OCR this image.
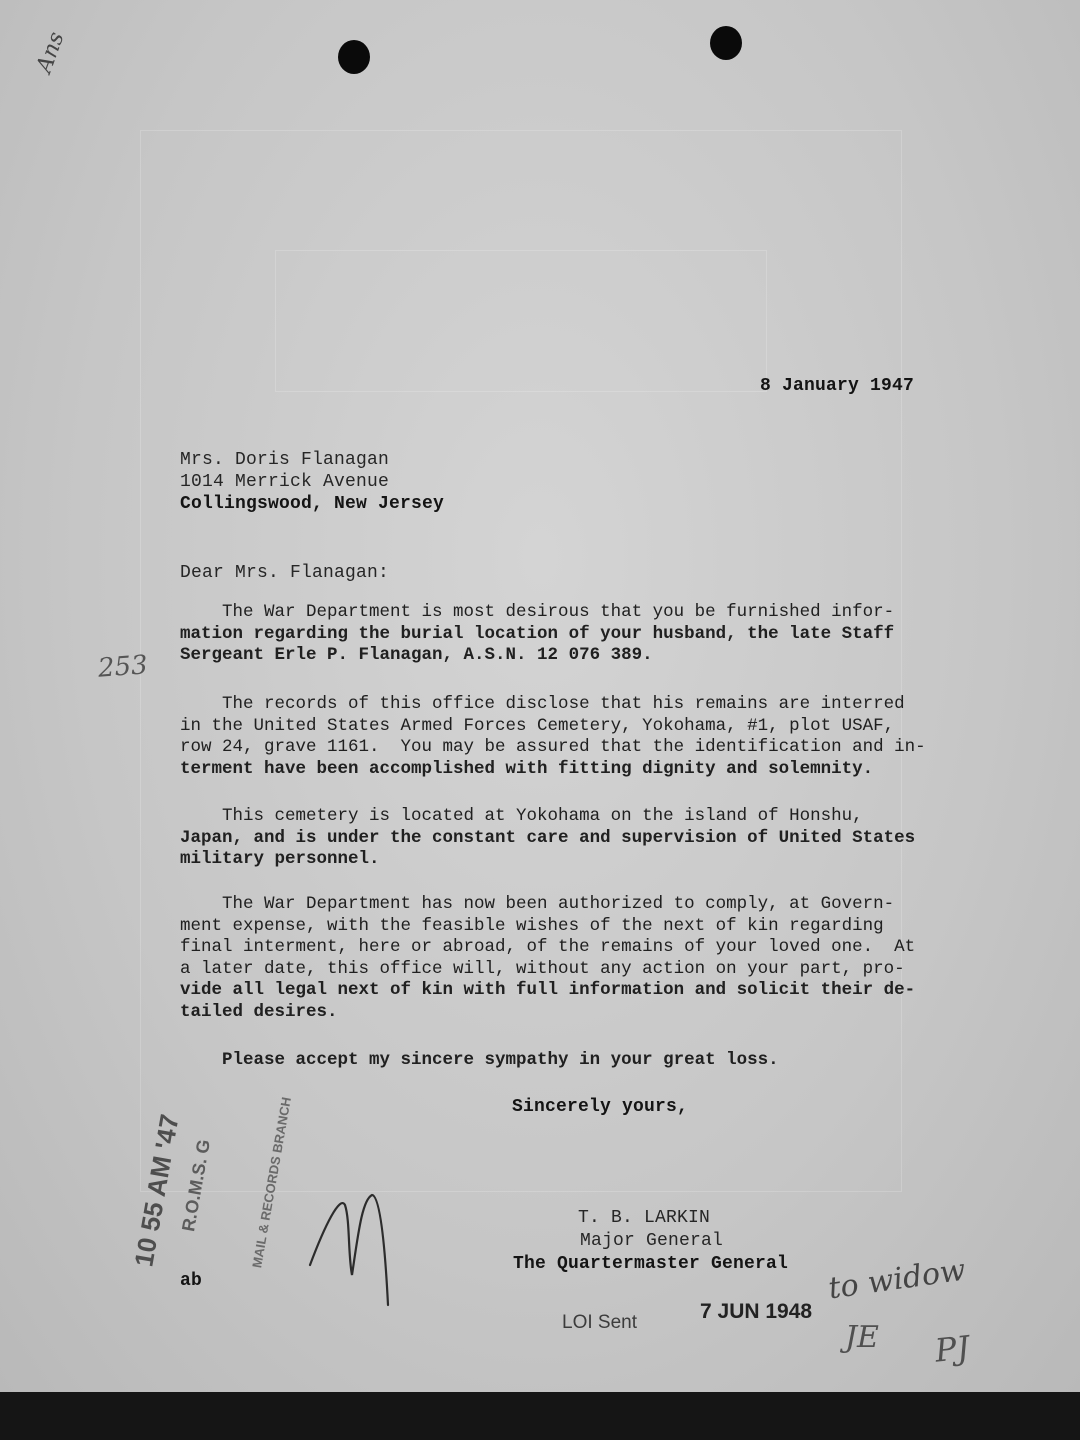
Ans
8 January 1947
Mrs. Doris Flanagan
1014 Merrick Avenue
Collingswood, New Jersey
Dear Mrs. Flanagan:
The War Department is most desirous that you be furnished infor-
mation regarding the burial location of your husband, the late Staff
Sergeant Erle P. Flanagan, A.S.N. 12 076 389.
The records of this office disclose that his remains are interred
in the United States Armed Forces Cemetery, Yokohama, #1, plot USAF,
row 24, grave 1161.  You may be assured that the identification and in-
terment have been accomplished with fitting dignity and solemnity.
This cemetery is located at Yokohama on the island of Honshu,
Japan, and is under the constant care and supervision of United States
military personnel.
The War Department has now been authorized to comply, at Govern-
ment expense, with the feasible wishes of the next of kin regarding
final interment, here or abroad, of the remains of your loved one.  At
a later date, this office will, without any action on your part, pro-
vide all legal next of kin with full information and solicit their de-
tailed desires.
Please accept my sincere sympathy in your great loss.
Sincerely yours,
T. B. LARKIN
Major General
The Quartermaster General
ab
253
10 55 AM '47
R.O.M.S. G	MAIL & RECORDS BRANCH
LOI Sent	7 JUN 1948
to widow
JE PJ
